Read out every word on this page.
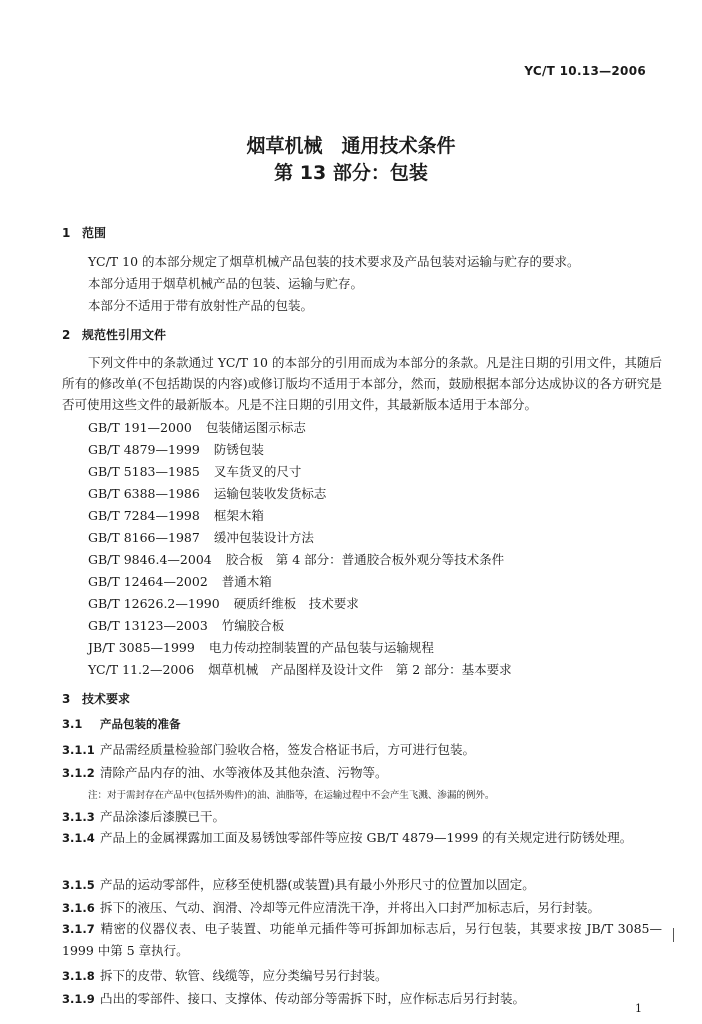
YC/T 10.13—2006
烟草机械　通用技术条件
第 13 部分：包装
1 范围
YC/T 10 的本部分规定了烟草机械产品包装的技术要求及产品包装对运输与贮存的要求。
本部分适用于烟草机械产品的包装、运输与贮存。
本部分不适用于带有放射性产品的包装。
2 规范性引用文件
下列文件中的条款通过 YC/T 10 的本部分的引用而成为本部分的条款。凡是注日期的引用文件，其随后所有的修改单(不包括勘误的内容)或修订版均不适用于本部分，然而，鼓励根据本部分达成协议的各方研究是否可使用这些文件的最新版本。凡是不注日期的引用文件，其最新版本适用于本部分。
GB/T 191—2000 包装储运图示标志
GB/T 4879—1999 防锈包装
GB/T 5183—1985 叉车货叉的尺寸
GB/T 6388—1986 运输包装收发货标志
GB/T 7284—1998 框架木箱
GB/T 8166—1987 缓冲包装设计方法
GB/T 9846.4—2004 胶合板　第 4 部分：普通胶合板外观分等技术条件
GB/T 12464—2002 普通木箱
GB/T 12626.2—1990 硬质纤维板　技术要求
GB/T 13123—2003 竹编胶合板
JB/T 3085—1999 电力传动控制装置的产品包装与运输规程
YC/T 11.2—2006 烟草机械　产品图样及设计文件　第 2 部分：基本要求
3 技术要求
3.1 产品包装的准备
3.1.1 产品需经质量检验部门验收合格，签发合格证书后，方可进行包装。
3.1.2 清除产品内存的油、水等液体及其他杂渣、污物等。
注：对于需封存在产品中(包括外购件)的油、油脂等，在运输过程中不会产生飞溅、渗漏的例外。
3.1.3 产品涂漆后漆膜已干。
3.1.4 产品上的金属裸露加工面及易锈蚀零部件等应按 GB/T 4879—1999 的有关规定进行防锈处理。
3.1.5 产品的运动零部件，应移至使机器(或装置)具有最小外形尺寸的位置加以固定。
3.1.6 拆下的液压、气动、润滑、冷却等元件应清洗干净，并将出入口封严加标志后，另行封装。
3.1.7 精密的仪器仪表、电子装置、功能单元插件等可拆卸加标志后，另行包装，其要求按 JB/T 3085—1999 中第 5 章执行。
3.1.8 拆下的皮带、软管、线缆等，应分类编号另行封装。
3.1.9 凸出的零部件、接口、支撑体、传动部分等需拆下时，应作标志后另行封装。
1
